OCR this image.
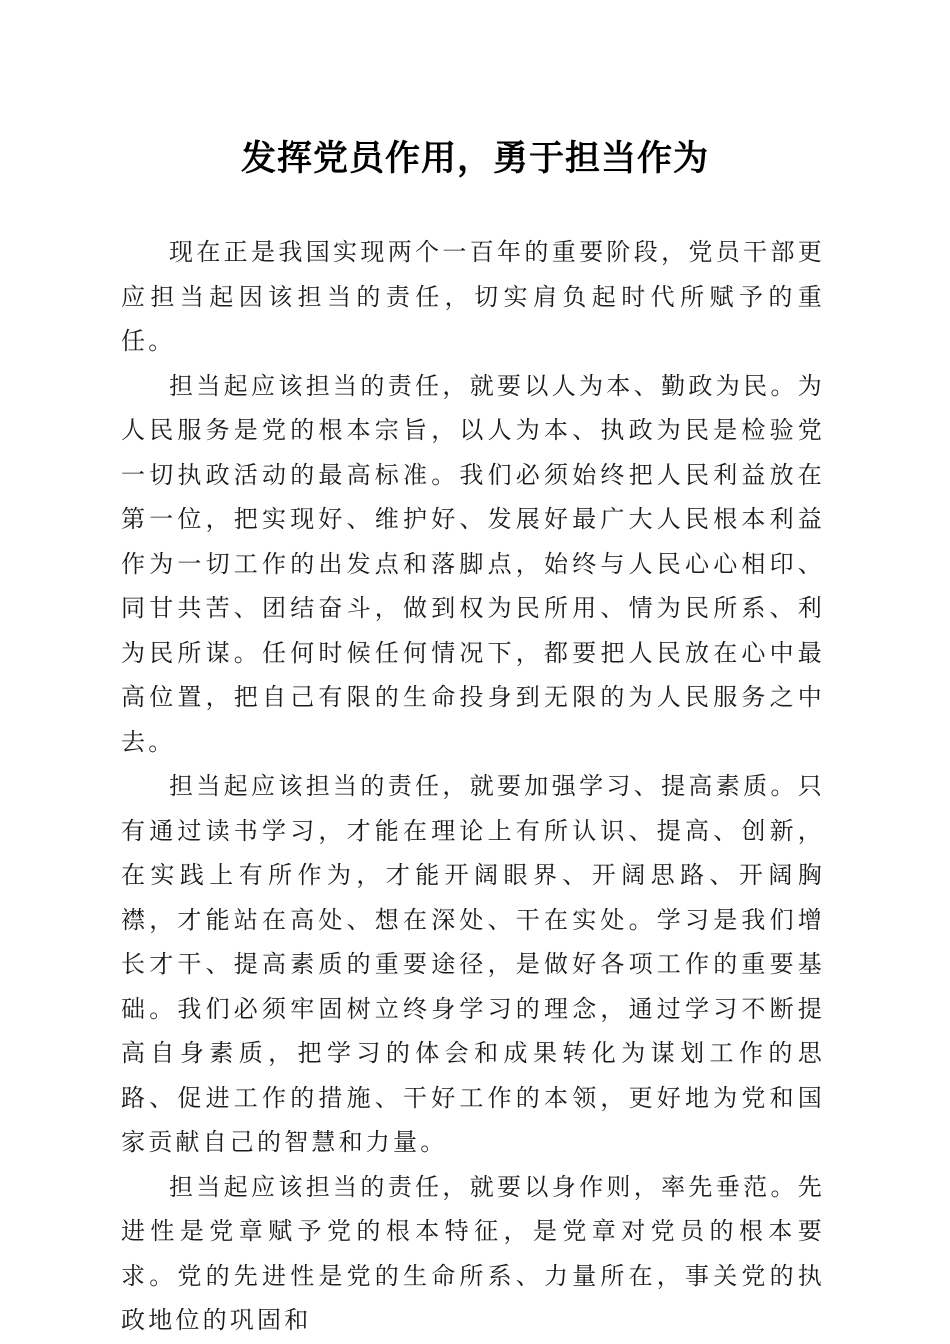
发挥党员作用，勇于担当作为

现在正是我国实现两个一百年的重要阶段，党员干部更应担当起因该担当的责任，切实肩负起时代所赋予的重任。

担当起应该担当的责任，就要以人为本、勤政为民。为人民服务是党的根本宗旨，以人为本、执政为民是检验党一切执政活动的最高标准。我们必须始终把人民利益放在第一位，把实现好、维护好、发展好最广大人民根本利益作为一切工作的出发点和落脚点，始终与人民心心相印、同甘共苦、团结奋斗，做到权为民所用、情为民所系、利为民所谋。任何时候任何情况下，都要把人民放在心中最高位置，把自己有限的生命投身到无限的为人民服务之中去。

担当起应该担当的责任，就要加强学习、提高素质。只有通过读书学习，才能在理论上有所认识、提高、创新，在实践上有所作为，才能开阔眼界、开阔思路、开阔胸襟，才能站在高处、想在深处、干在实处。学习是我们增长才干、提高素质的重要途径，是做好各项工作的重要基础。我们必须牢固树立终身学习的理念，通过学习不断提高自身素质，把学习的体会和成果转化为谋划工作的思路、促进工作的措施、干好工作的本领，更好地为党和国家贡献自己的智慧和力量。

担当起应该担当的责任，就要以身作则，率先垂范。先进性是党章赋予党的根本特征，是党章对党员的根本要求。党的先进性是党的生命所系、力量所在，事关党的执政地位的巩固和
